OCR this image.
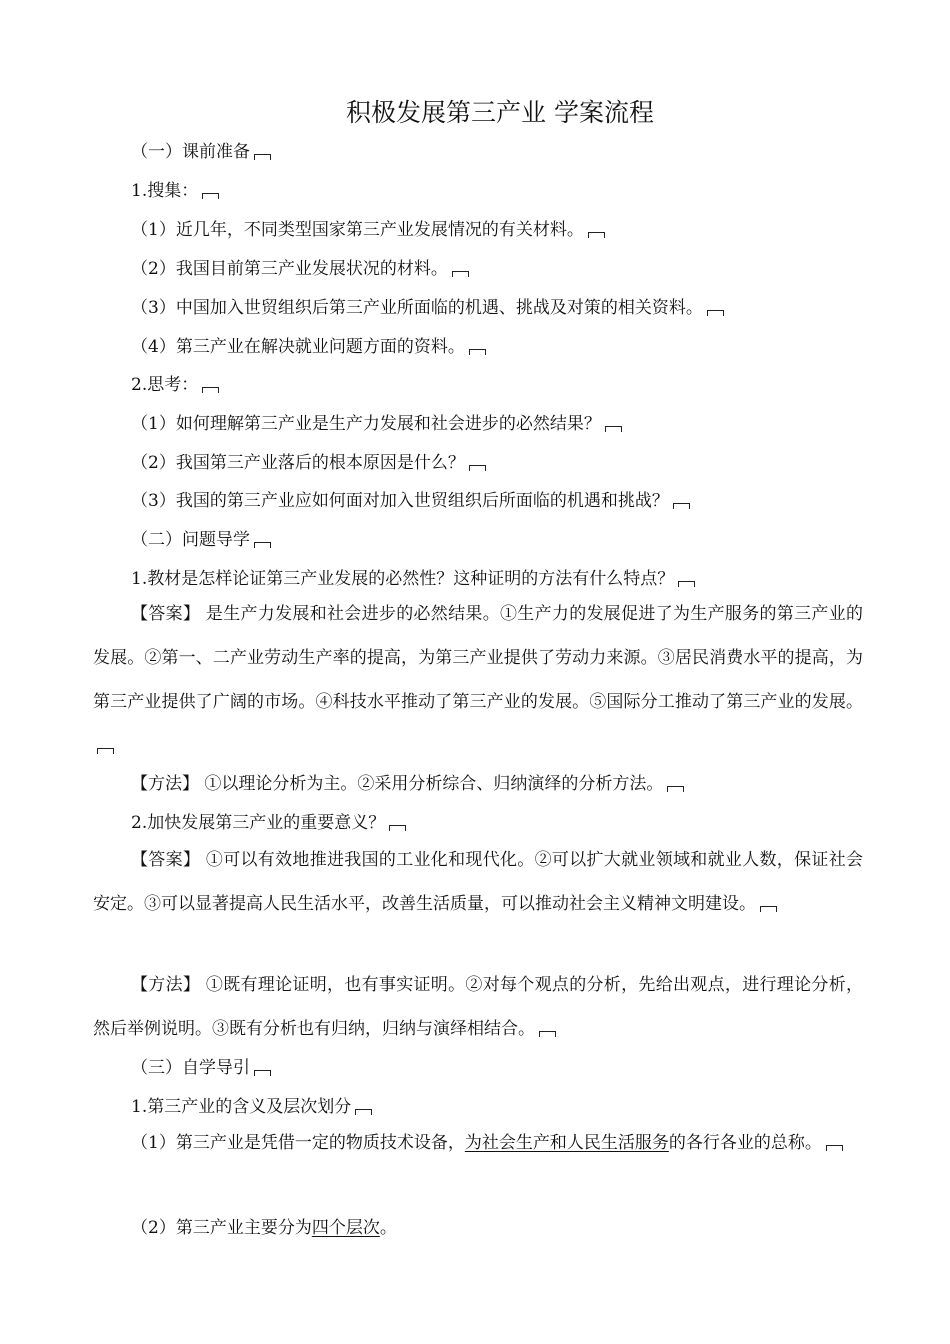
积极发展第三产业 学案流程
（一）课前准备
1.搜集：
（1）近几年，不同类型国家第三产业发展情况的有关材料。
（2）我国目前第三产业发展状况的材料。
（3）中国加入世贸组织后第三产业所面临的机遇、挑战及对策的相关资料。
（4）第三产业在解决就业问题方面的资料。
2.思考：
（1）如何理解第三产业是生产力发展和社会进步的必然结果？
（2）我国第三产业落后的根本原因是什么？
（3）我国的第三产业应如何面对加入世贸组织后所面临的机遇和挑战？
（二）问题导学
1.教材是怎样论证第三产业发展的必然性？这种证明的方法有什么特点？
【答案】 是生产力发展和社会进步的必然结果。①生产力的发展促进了为生产服务的第三产业的发展。②第一、二产业劳动生产率的提高，为第三产业提供了劳动力来源。③居民消费水平的提高，为第三产业提供了广阔的市场。④科技水平推动了第三产业的发展。⑤国际分工推动了第三产业的发展。
【方法】 ①以理论分析为主。②采用分析综合、归纳演绎的分析方法。
2.加快发展第三产业的重要意义？
【答案】 ①可以有效地推进我国的工业化和现代化。②可以扩大就业领域和就业人数，保证社会安定。③可以显著提高人民生活水平，改善生活质量，可以推动社会主义精神文明建设。
【方法】 ①既有理论证明，也有事实证明。②对每个观点的分析，先给出观点，进行理论分析，然后举例说明。③既有分析也有归纳，归纳与演绎相结合。
（三）自学导引
1.第三产业的含义及层次划分
（1）第三产业是凭借一定的物质技术设备，为社会生产和人民生活服务的各行各业的总称。
（2）第三产业主要分为四个层次。
